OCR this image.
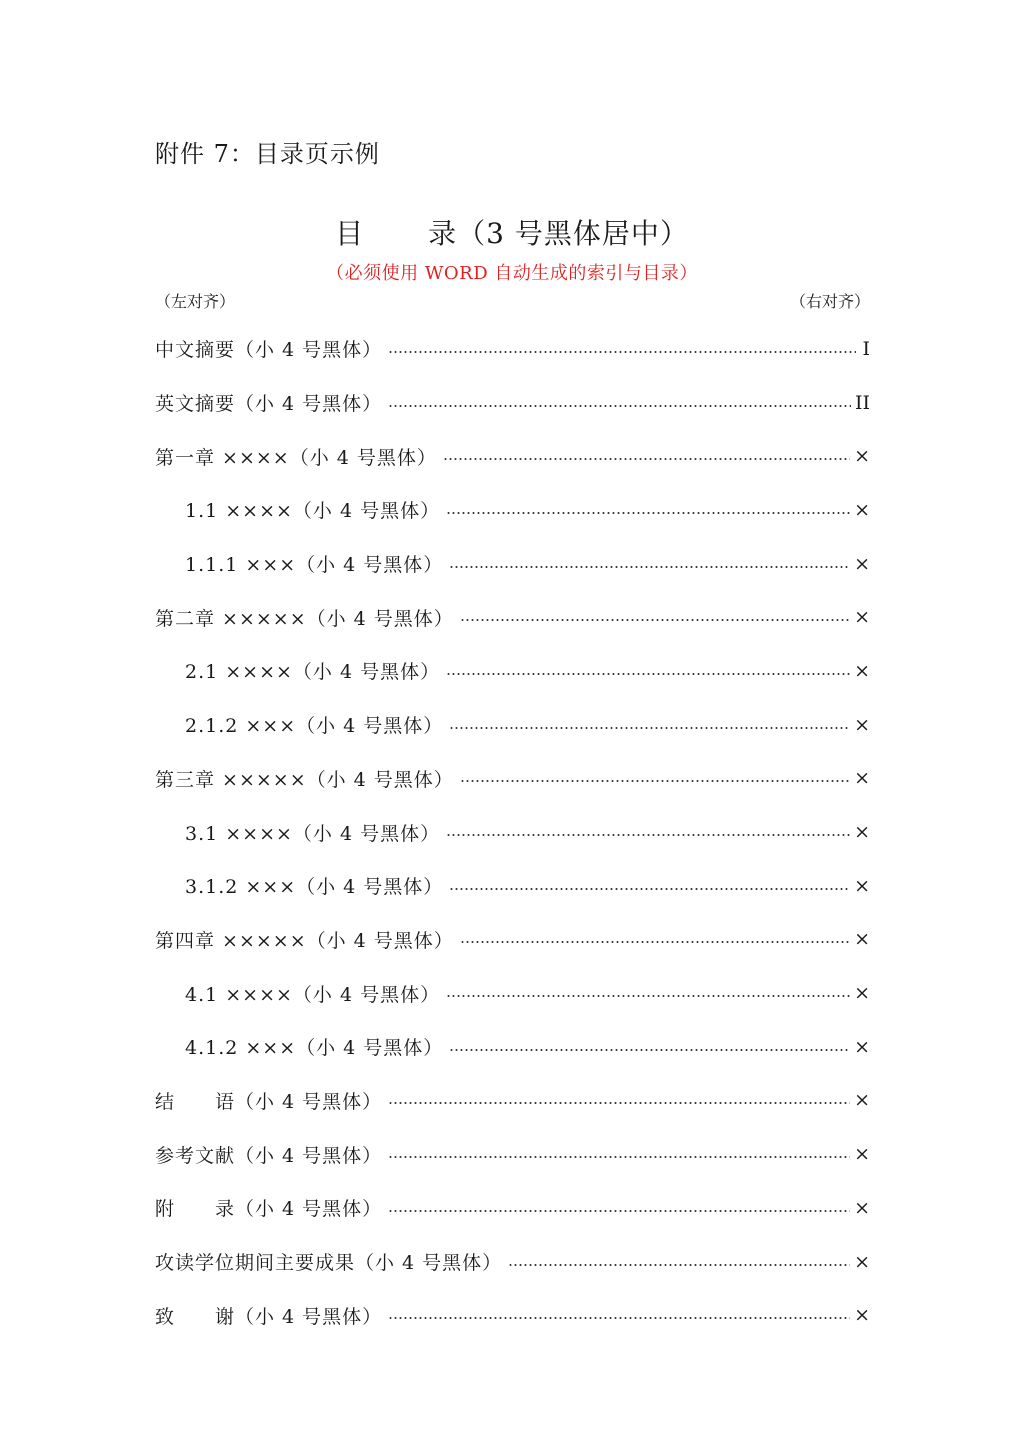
附件 7：目录页示例
目 录（3 号黑体居中）
（必须使用 WORD 自动生成的索引与目录）
（左对齐）	（右对齐）
中文摘要（小 4 号黑体）	I
英文摘要（小 4 号黑体）	II
第一章 ××××（小 4 号黑体）	×
1.1 ××××（小 4 号黑体）	×
1.1.1 ×××（小 4 号黑体）	×
第二章 ×××××（小 4 号黑体）	×
2.1 ××××（小 4 号黑体）	×
2.1.2 ×××（小 4 号黑体）	×
第三章 ×××××（小 4 号黑体）	×
3.1 ××××（小 4 号黑体）	×
3.1.2 ×××（小 4 号黑体）	×
第四章 ×××××（小 4 号黑体）	×
4.1 ××××（小 4 号黑体）	×
4.1.2 ×××（小 4 号黑体）	×
结　　语（小 4 号黑体）	×
参考文献（小 4 号黑体）	×
附　　录（小 4 号黑体）	×
攻读学位期间主要成果（小 4 号黑体）	×
致　　谢（小 4 号黑体）	×
